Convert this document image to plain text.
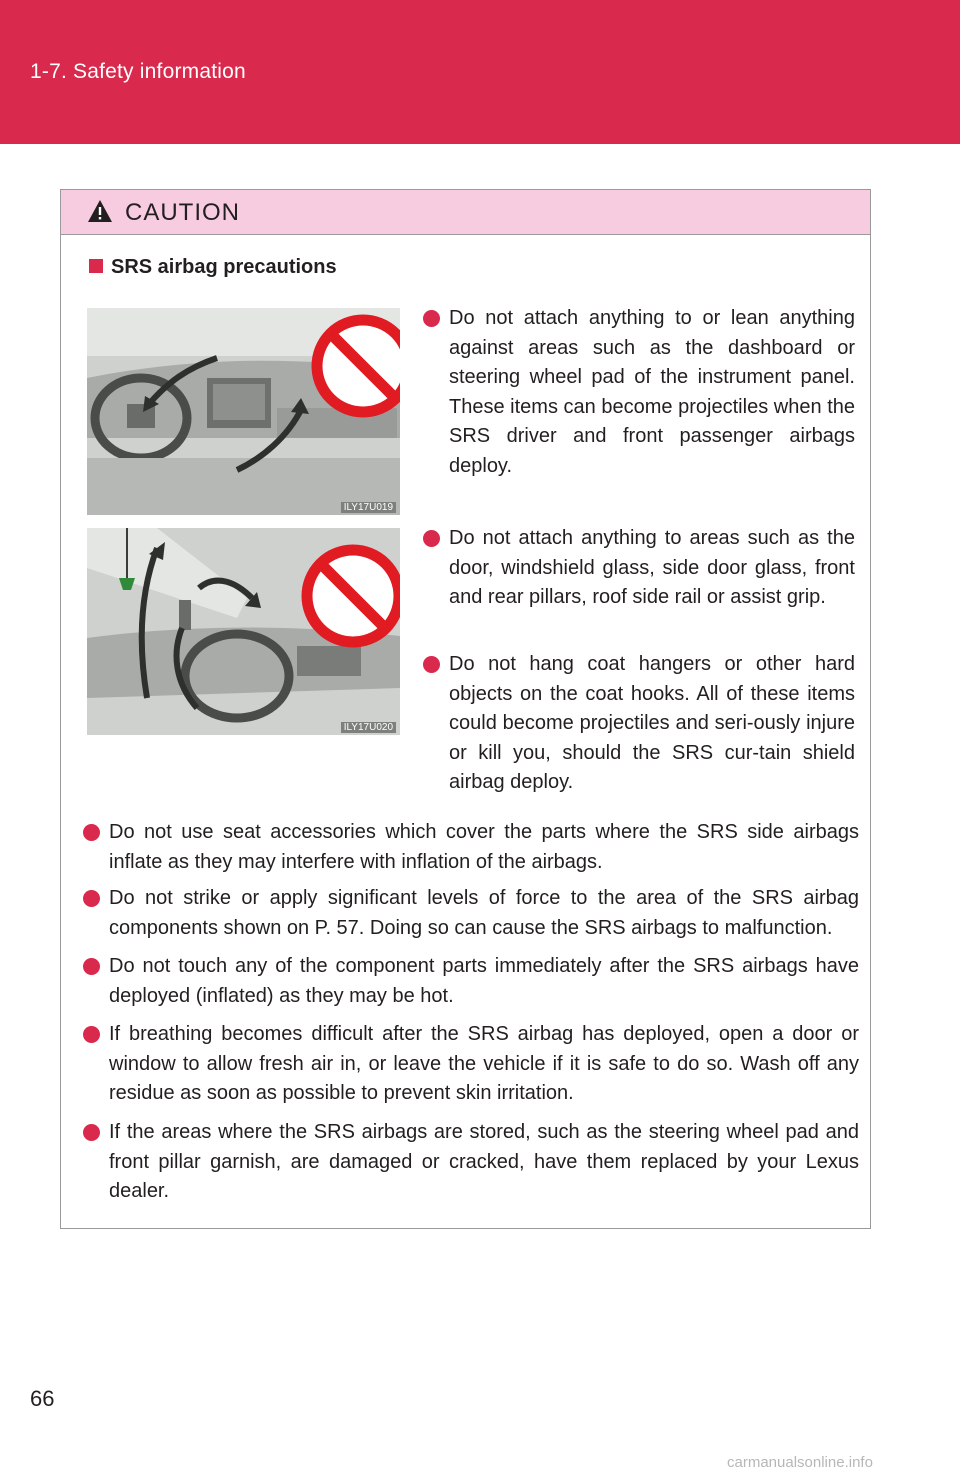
1-7. Safety information
CAUTION
SRS airbag precautions
ILY17U019
ILY17U020
Do not attach anything to or lean anything against areas such as the dashboard or steering wheel pad of the instrument panel. These items can become projectiles when the SRS driver and front passenger airbags deploy.
Do not attach anything to areas such as the door, windshield glass, side door glass, front and rear pillars, roof side rail or assist grip.
Do not hang coat hangers or other hard objects on the coat hooks. All of these items could become projectiles and seri-ously injure or kill you, should the SRS cur-tain shield airbag deploy.
Do not use seat accessories which cover the parts where the SRS side airbags inflate as they may interfere with inflation of the airbags.
Do not strike or apply significant levels of force to the area of the SRS airbag components shown on P. 57. Doing so can cause the SRS airbags to malfunction.
Do not touch any of the component parts immediately after the SRS airbags have deployed (inflated) as they may be hot.
If breathing becomes difficult after the SRS airbag has deployed, open a door or window to allow fresh air in, or leave the vehicle if it is safe to do so. Wash off any residue as soon as possible to prevent skin irritation.
If the areas where the SRS airbags are stored, such as the steering wheel pad and front pillar garnish, are damaged or cracked, have them replaced by your Lexus dealer.
66
carmanualsonline.info
